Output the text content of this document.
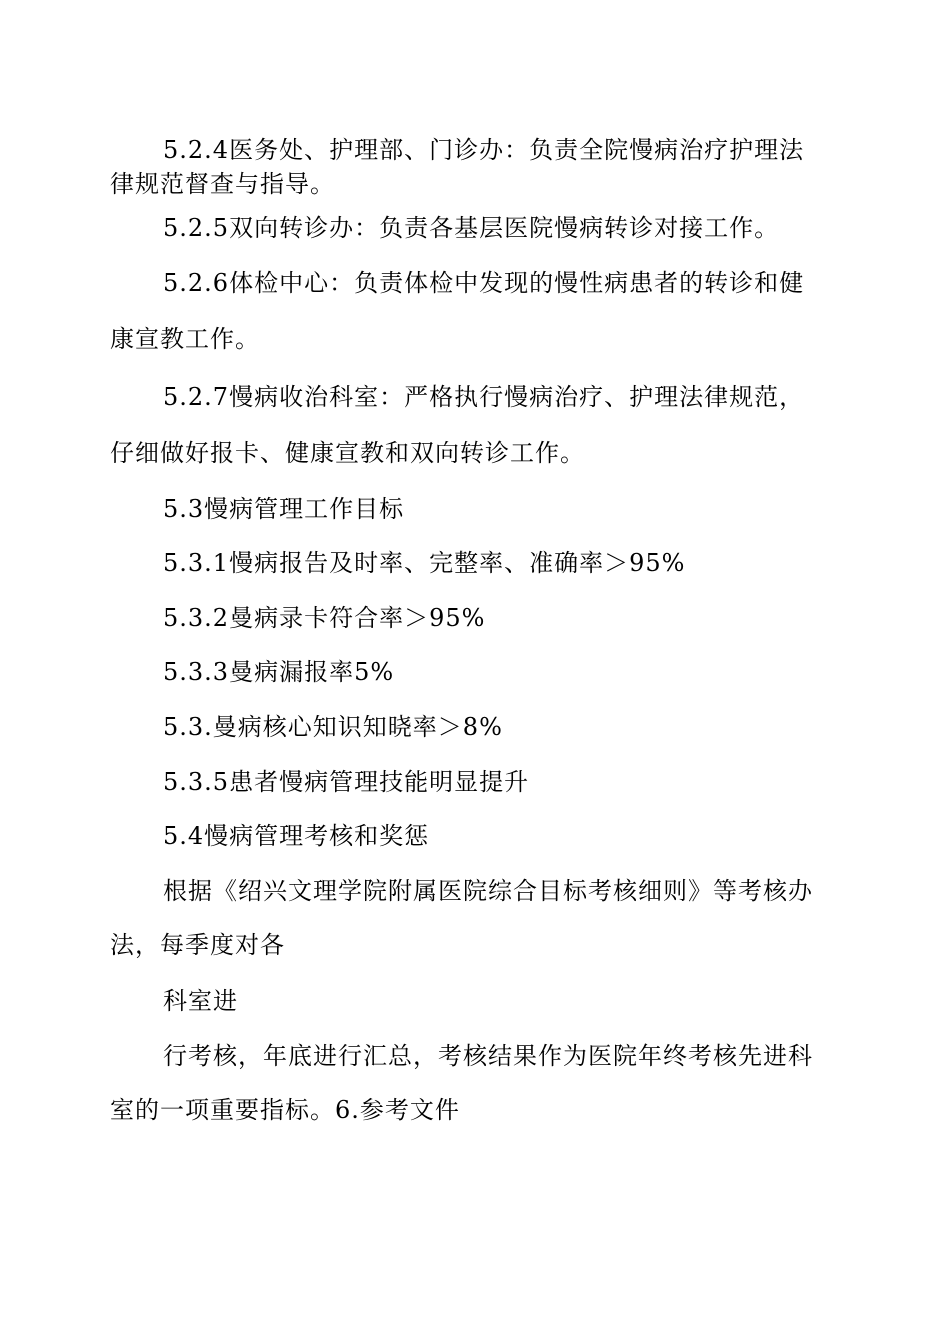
5.2.4医务处、护理部、门诊办：负责全院慢病治疗护理法
律规范督查与指导。
5.2.5双向转诊办：负责各基层医院慢病转诊对接工作。
5.2.6体检中心：负责体检中发现的慢性病患者的转诊和健
康宣教工作。
5.2.7慢病收治科室：严格执行慢病治疗、护理法律规范，
仔细做好报卡、健康宣教和双向转诊工作。
5.3慢病管理工作目标
5.3.1慢病报告及时率、完整率、准确率＞95%
5.3.2曼病录卡符合率＞95%
5.3.3曼病漏报率5%
5.3.曼病核心知识知晓率＞8%
5.3.5患者慢病管理技能明显提升
5.4慢病管理考核和奖惩
根据《绍兴文理学院附属医院综合目标考核细则》等考核办
法，每季度对各
科室进
行考核，年底进行汇总，考核结果作为医院年终考核先进科
室的一项重要指标。6.参考文件
